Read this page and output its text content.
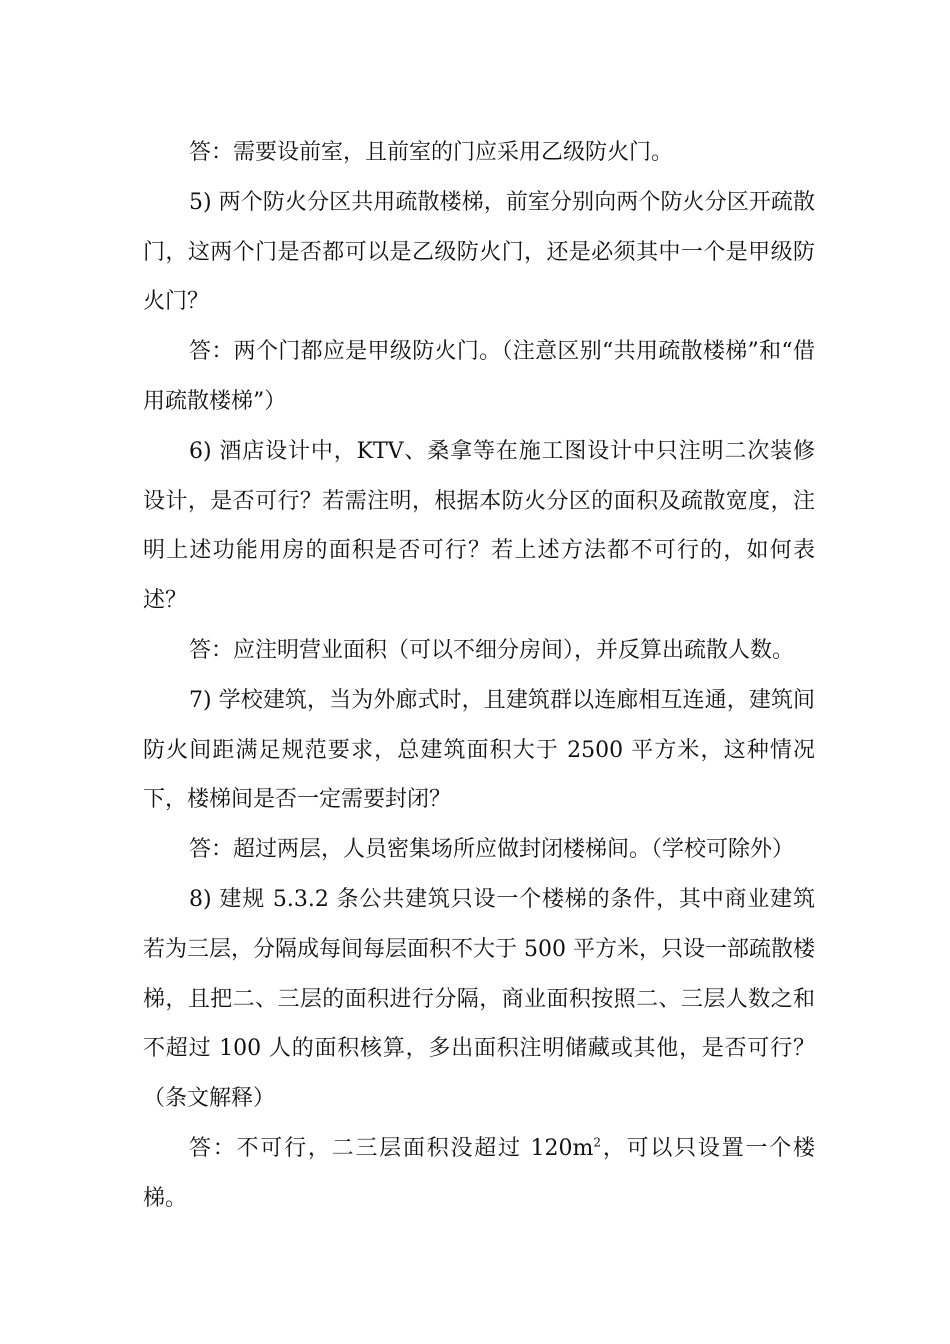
答：需要设前室，且前室的门应采用乙级防火门。

5) 两个防火分区共用疏散楼梯，前室分别向两个防火分区开疏散门，这两个门是否都可以是乙级防火门，还是必须其中一个是甲级防火门？

答：两个门都应是甲级防火门。（注意区别“共用疏散楼梯”和“借用疏散楼梯”）

6) 酒店设计中，KTV、桑拿等在施工图设计中只注明二次装修设计，是否可行？若需注明，根据本防火分区的面积及疏散宽度，注明上述功能用房的面积是否可行？若上述方法都不可行的，如何表述？

答：应注明营业面积（可以不细分房间），并反算出疏散人数。

7) 学校建筑，当为外廊式时，且建筑群以连廊相互连通，建筑间防火间距满足规范要求，总建筑面积大于 2500 平方米，这种情况下，楼梯间是否一定需要封闭？

答：超过两层，人员密集场所应做封闭楼梯间。（学校可除外）

8) 建规 5.3.2 条公共建筑只设一个楼梯的条件，其中商业建筑若为三层，分隔成每间每层面积不大于 500 平方米，只设一部疏散楼梯，且把二、三层的面积进行分隔，商业面积按照二、三层人数之和不超过 100 人的面积核算，多出面积注明储藏或其他，是否可行？（条文解释）

答：不可行，二三层面积没超过 $120m^2$，可以只设置一个楼梯。
